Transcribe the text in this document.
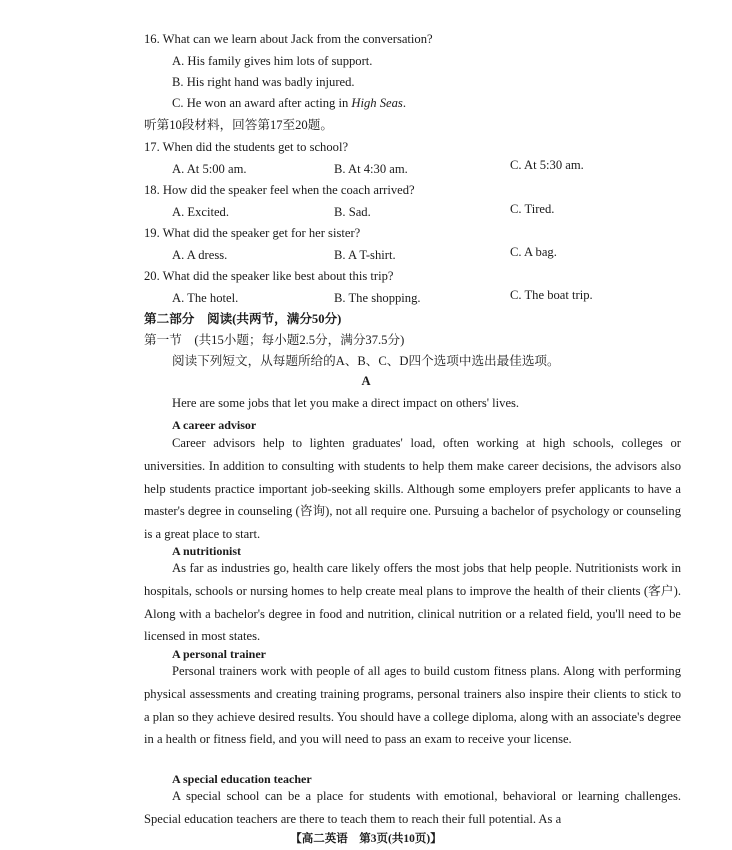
16. What can we learn about Jack from the conversation?
A. His family gives him lots of support.
B. His right hand was badly injured.
C. He won an award after acting in High Seas.
听第10段材料，回答第17至20题。
17. When did the students get to school?
A. At 5:00 am.	B. At 4:30 am.	C. At 5:30 am.
18. How did the speaker feel when the coach arrived?
A. Excited.	B. Sad.	C. Tired.
19. What did the speaker get for her sister?
A. A dress.	B. A T-shirt.	C. A bag.
20. What did the speaker like best about this trip?
A. The hotel.	B. The shopping.	C. The boat trip.
第二部分　阅读(共两节，满分50分)
第一节　(共15小题；每小题2.5分，满分37.5分)
阅读下列短文，从每题所给的A、B、C、D四个选项中选出最佳选项。
A
Here are some jobs that let you make a direct impact on others' lives.
A career advisor

Career advisors help to lighten graduates' load, often working at high schools, colleges or universities. In addition to consulting with students to help them make career decisions, the advisors also help students practice important job-seeking skills. Although some employers prefer applicants to have a master's degree in counseling (咨询), not all require one. Pursuing a bachelor of psychology or counseling is a great place to start.

A nutritionist

As far as industries go, health care likely offers the most jobs that help people. Nutritionists work in hospitals, schools or nursing homes to help create meal plans to improve the health of their clients (客户). Along with a bachelor's degree in food and nutrition, clinical nutrition or a related field, you'll need to be licensed in most states.

A personal trainer

Personal trainers work with people of all ages to build custom fitness plans. Along with performing physical assessments and creating training programs, personal trainers also inspire their clients to stick to a plan so they achieve desired results. You should have a college diploma, along with an associate's degree in a health or fitness field, and you will need to pass an exam to receive your license.

A special education teacher

A special school can be a place for students with emotional, behavioral or learning challenges. Special education teachers are there to teach them to reach their full potential. As a

【高二英语　第3页(共10页)】
